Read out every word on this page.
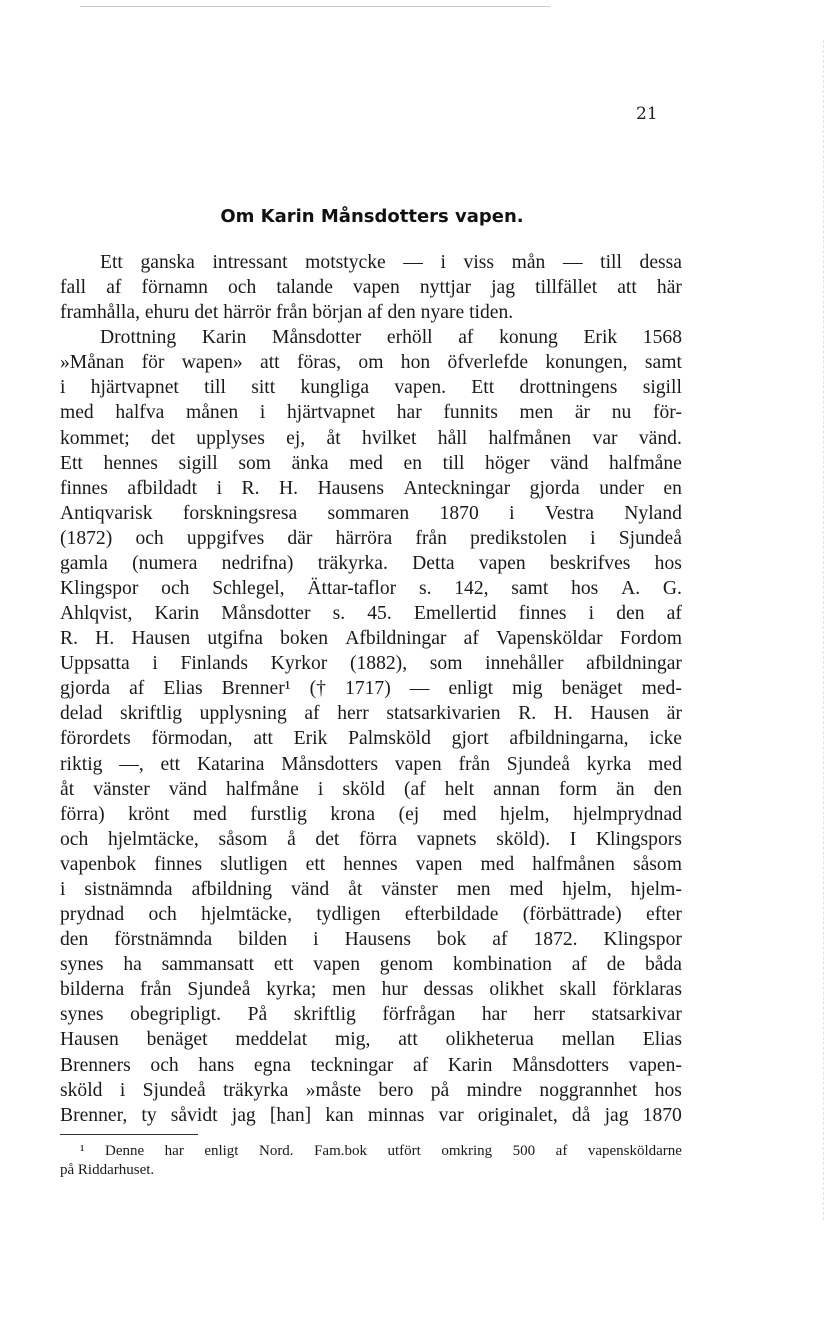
21
Om Karin Månsdotters vapen.
Ett ganska intressant motstycke — i viss mån — till dessa
fall af förnamn och talande vapen nyttjar jag tillfället att här
framhålla, ehuru det härrör från början af den nyare tiden.
Drottning Karin Månsdotter erhöll af konung Erik 1568
»Månan för wapen» att föras, om hon öfverlefde konungen, samt
i hjärtvapnet till sitt kungliga vapen. Ett drottningens sigill
med halfva månen i hjärtvapnet har funnits men är nu för-
kommet; det upplyses ej, åt hvilket håll halfmånen var vänd.
Ett hennes sigill som änka med en till höger vänd halfmåne
finnes afbildadt i R. H. Hausens Anteckningar gjorda under en
Antiqvarisk forskningsresa sommaren 1870 i Vestra Nyland
(1872) och uppgifves där härröra från predikstolen i Sjundeå
gamla (numera nedrifna) träkyrka. Detta vapen beskrifves hos
Klingspor och Schlegel, Ättar-taflor s. 142, samt hos A. G.
Ahlqvist, Karin Månsdotter s. 45. Emellertid finnes i den af
R. H. Hausen utgifna boken Afbildningar af Vapensköldar Fordom
Uppsatta i Finlands Kyrkor (1882), som innehåller afbildningar
gjorda af Elias Brenner¹ († 1717) — enligt mig benäget med-
delad skriftlig upplysning af herr statsarkivarien R. H. Hausen är
förordets förmodan, att Erik Palmsköld gjort afbildningarna, icke
riktig —, ett Katarina Månsdotters vapen från Sjundeå kyrka med
åt vänster vänd halfmåne i sköld (af helt annan form än den
förra) krönt med furstlig krona (ej med hjelm, hjelmprydnad
och hjelmtäcke, såsom å det förra vapnets sköld). I Klingspors
vapenbok finnes slutligen ett hennes vapen med halfmånen såsom
i sistnämnda afbildning vänd åt vänster men med hjelm, hjelm-
prydnad och hjelmtäcke, tydligen efterbildade (förbättrade) efter
den förstnämnda bilden i Hausens bok af 1872. Klingspor
synes ha sammansatt ett vapen genom kombination af de båda
bilderna från Sjundeå kyrka; men hur dessas olikhet skall förklaras
synes obegripligt. På skriftlig förfrågan har herr statsarkivar
Hausen benäget meddelat mig, att olikheterua mellan Elias
Brenners och hans egna teckningar af Karin Månsdotters vapen-
sköld i Sjundeå träkyrka »måste bero på mindre noggrannhet hos
Brenner, ty såvidt jag [han] kan minnas var originalet, då jag 1870
¹ Denne har enligt Nord. Fam.bok utfört omkring 500 af vapensköldarne
på Riddarhuset.
